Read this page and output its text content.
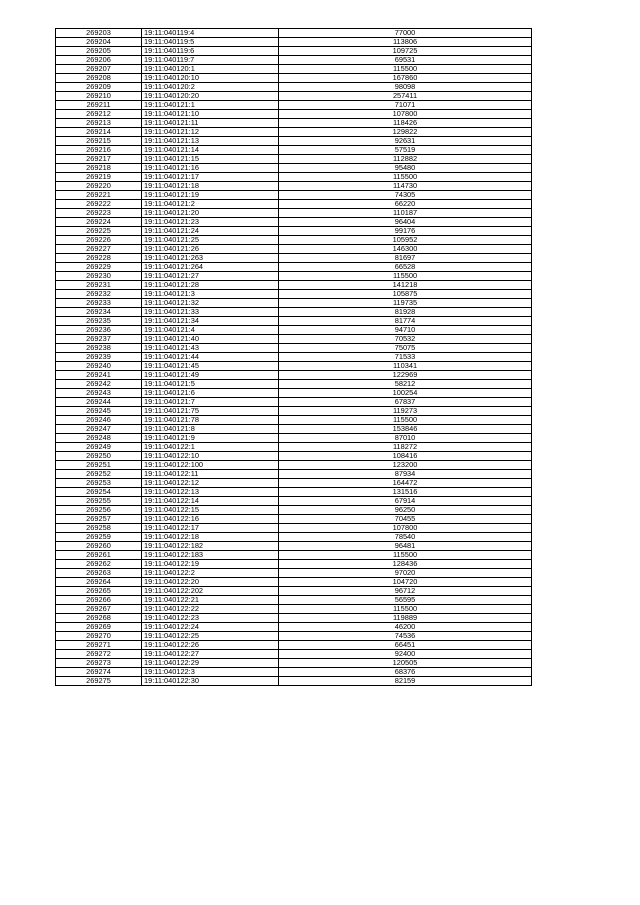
269203	19:11:040119:4	77000
269204	19:11:040119:5	113806
269205	19:11:040119:6	109725
269206	19:11:040119:7	69531
269207	19:11:040120:1	115500
269208	19:11:040120:10	167860
269209	19:11:040120:2	98098
269210	19:11:040120:20	257411
269211	19:11:040121:1	71071
269212	19:11:040121:10	107800
269213	19:11:040121:11	118426
269214	19:11:040121:12	129822
269215	19:11:040121:13	92631
269216	19:11:040121:14	57519
269217	19:11:040121:15	112882
269218	19:11:040121:16	95480
269219	19:11:040121:17	115500
269220	19:11:040121:18	114730
269221	19:11:040121:19	74305
269222	19:11:040121:2	66220
269223	19:11:040121:20	110187
269224	19:11:040121:23	96404
269225	19:11:040121:24	99176
269226	19:11:040121:25	105952
269227	19:11:040121:26	146300
269228	19:11:040121:263	81697
269229	19:11:040121:264	66528
269230	19:11:040121:27	115500
269231	19:11:040121:28	141218
269232	19:11:040121:3	105875
269233	19:11:040121:32	119735
269234	19:11:040121:33	81928
269235	19:11:040121:34	81774
269236	19:11:040121:4	94710
269237	19:11:040121:40	70532
269238	19:11:040121:43	75075
269239	19:11:040121:44	71533
269240	19:11:040121:45	110341
269241	19:11:040121:49	122969
269242	19:11:040121:5	58212
269243	19:11:040121:6	100254
269244	19:11:040121:7	67837
269245	19:11:040121:75	119273
269246	19:11:040121:78	115500
269247	19:11:040121:8	153846
269248	19:11:040121:9	87010
269249	19:11:040122:1	118272
269250	19:11:040122:10	108416
269251	19:11:040122:100	123200
269252	19:11:040122:11	87934
269253	19:11:040122:12	164472
269254	19:11:040122:13	131516
269255	19:11:040122:14	67914
269256	19:11:040122:15	96250
269257	19:11:040122:16	70455
269258	19:11:040122:17	107800
269259	19:11:040122:18	78540
269260	19:11:040122:182	96481
269261	19:11:040122:183	115500
269262	19:11:040122:19	128436
269263	19:11:040122:2	97020
269264	19:11:040122:20	104720
269265	19:11:040122:202	96712
269266	19:11:040122:21	56595
269267	19:11:040122:22	115500
269268	19:11:040122:23	119889
269269	19:11:040122:24	46200
269270	19:11:040122:25	74536
269271	19:11:040122:26	66451
269272	19:11:040122:27	92400
269273	19:11:040122:29	120505
269274	19:11:040122:3	68376
269275	19:11:040122:30	82159
